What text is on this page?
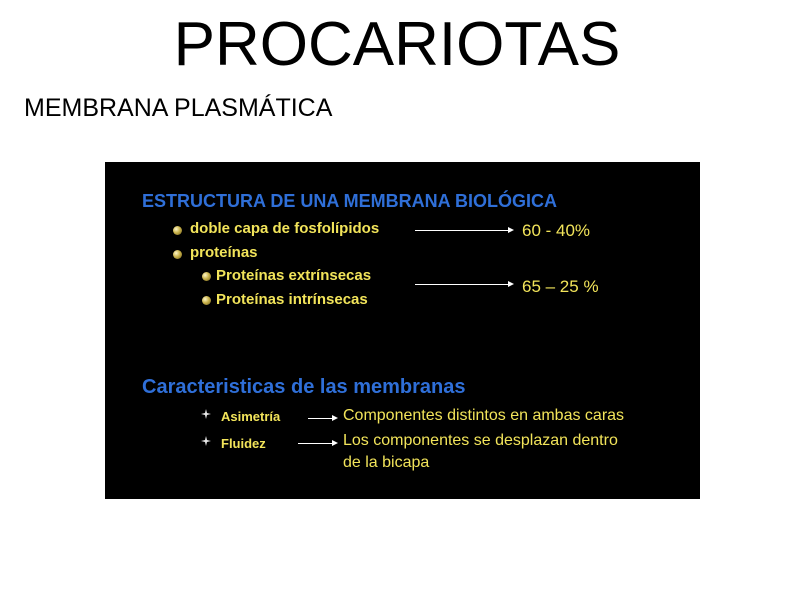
PROCARIOTAS
MEMBRANA PLASMÁTICA
ESTRUCTURA DE UNA MEMBRANA BIOLÓGICA
doble capa de fosfolípidos
proteínas
Proteínas extrínsecas
Proteínas intrínsecas
60 - 40%
65 – 25 %
Caracteristicas de las membranas
Asimetría
Fluidez
Componentes distintos en ambas caras
Los componentes se desplazan dentro
de la bicapa
